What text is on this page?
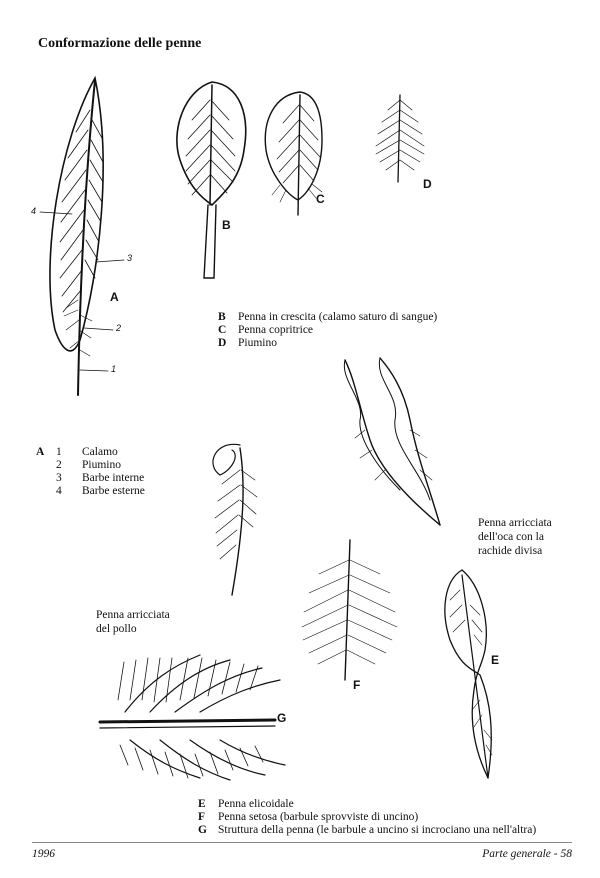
Conformazione delle penne
A
B
C
D
E
F
G
1
2
3
4
B	Penna in crescita (calamo saturo di sangue)
C	Penna copritrice
D	Piumino
A	1	Calamo
2	Piumino
3	Barbe interne
4	Barbe esterne
Penna arricciata
dell'oca con la
rachide divisa
Penna arricciata
del pollo
E	Penna elicoidale
F	Penna setosa (barbule sprovviste di uncino)
G Struttura della penna (le barbule a uncino si incrociano una nell'altra)
1996	Parte generale - 58
